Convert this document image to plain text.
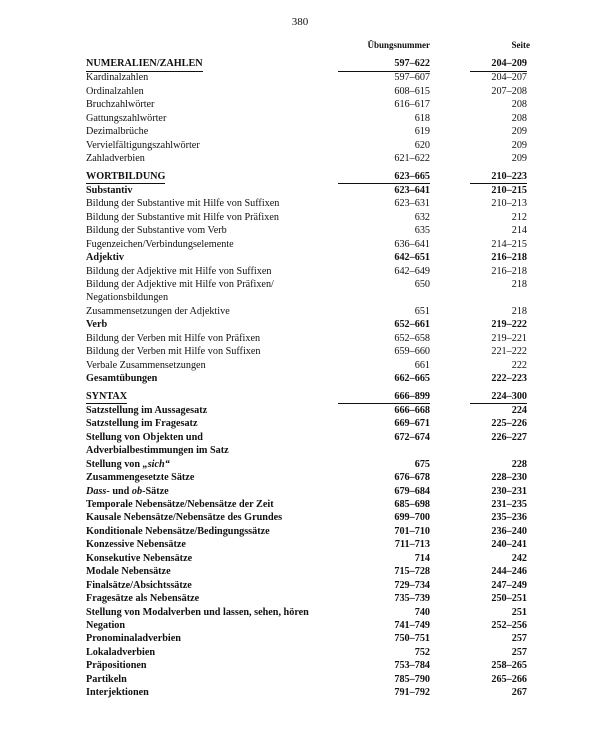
380
Übungsnummer	Seite
NUMERALIEN/ZAHLEN	597–622	204–209
Kardinalzahlen	597–607	204–207
Ordinalzahlen	608–615	207–208
Bruchzahlwörter	616–617	208
Gattungszahlwörter	618	208
Dezimalbrüche	619	209
Vervielfältigungszahlwörter	620	209
Zahladverbien	621–622	209
WORTBILDUNG	623–665	210–223
Substantiv	623–641	210–215
Bildung der Substantive mit Hilfe von Suffixen	623–631	210–213
Bildung der Substantive mit Hilfe von Präfixen	632	212
Bildung der Substantive vom Verb	635	214
Fugenzeichen/Verbindungselemente	636–641	214–215
Adjektiv	642–651	216–218
Bildung der Adjektive mit Hilfe von Suffixen	642–649	216–218
Bildung der Adjektive mit Hilfe von Präfixen/	650	218
Negationsbildungen
Zusammensetzungen der Adjektive	651	218
Verb	652–661	219–222
Bildung der Verben mit Hilfe von Präfixen	652–658	219–221
Bildung der Verben mit Hilfe von Suffixen	659–660	221–222
Verbale Zusammensetzungen	661	222
Gesamtübungen	662–665	222–223
SYNTAX	666–899	224–300
Satzstellung im Aussagesatz	666–668	224
Satzstellung im Fragesatz	669–671	225–226
Stellung von Objekten und	672–674	226–227
Adverbialbestimmungen im Satz
Stellung von „sich“	675	228
Zusammengesetzte Sätze	676–678	228–230
Dass- und ob-Sätze	679–684	230–231
Temporale Nebensätze/Nebensätze der Zeit	685–698	231–235
Kausale Nebensätze/Nebensätze des Grundes	699–700	235–236
Konditionale Nebensätze/Bedingungssätze	701–710	236–240
Konzessive Nebensätze	711–713	240–241
Konsekutive Nebensätze	714	242
Modale Nebensätze	715–728	244–246
Finalsätze/Absichtssätze	729–734	247–249
Fragesätze als Nebensätze	735–739	250–251
Stellung von Modalverben und lassen, sehen, hören	740	251
Negation	741–749	252–256
Pronominaladverbien	750–751	257
Lokaladverbien	752	257
Präpositionen	753–784	258–265
Partikeln	785–790	265–266
Interjektionen	791–792	267
